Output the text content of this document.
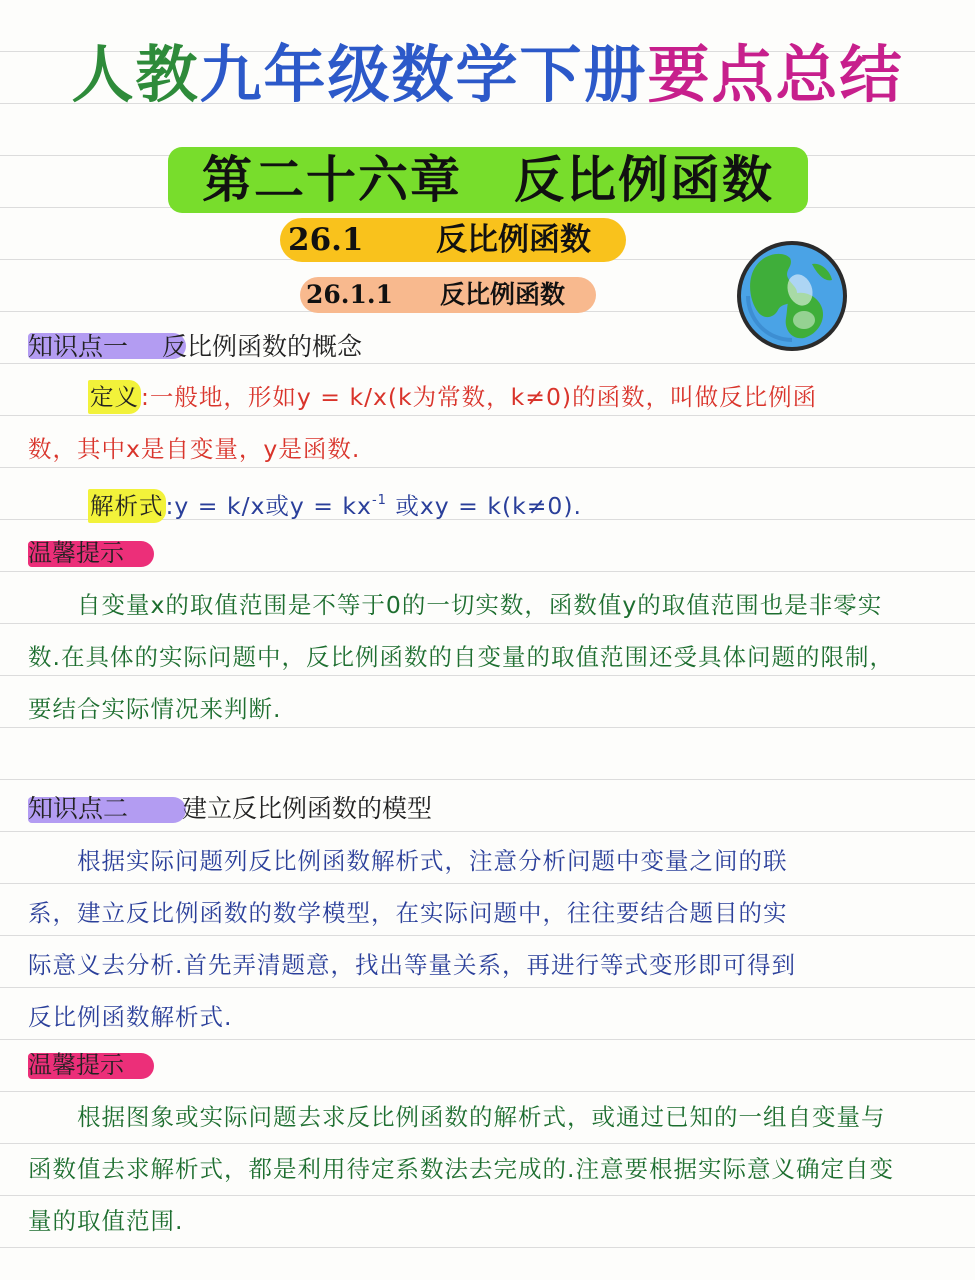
人教九年级数学下册要点总结
第二十六章　反比例函数
26.1 反比例函数
26.1.1 反比例函数
知识点一 反比例函数的概念
定义:一般地，形如y = k/x(k为常数，k≠0)的函数，叫做反比例函
数，其中x是自变量，y是函数.
解析式:y = k/x或$y = kx^{-1}$ 或xy = k(k≠0).
温馨提示
　　自变量x的取值范围是不等于0的一切实数，函数值y的取值范围也是非零实
数.在具体的实际问题中，反比例函数的自变量的取值范围还受具体问题的限制，
要结合实际情况来判断.
知识点二 建立反比例函数的模型
　　根据实际问题列反比例函数解析式，注意分析问题中变量之间的联
系，建立反比例函数的数学模型，在实际问题中，往往要结合题目的实
际意义去分析.首先弄清题意，找出等量关系，再进行等式变形即可得到
反比例函数解析式.
温馨提示
　　根据图象或实际问题去求反比例函数的解析式，或通过已知的一组自变量与
函数值去求解析式，都是利用待定系数法去完成的.注意要根据实际意义确定自变
量的取值范围.
